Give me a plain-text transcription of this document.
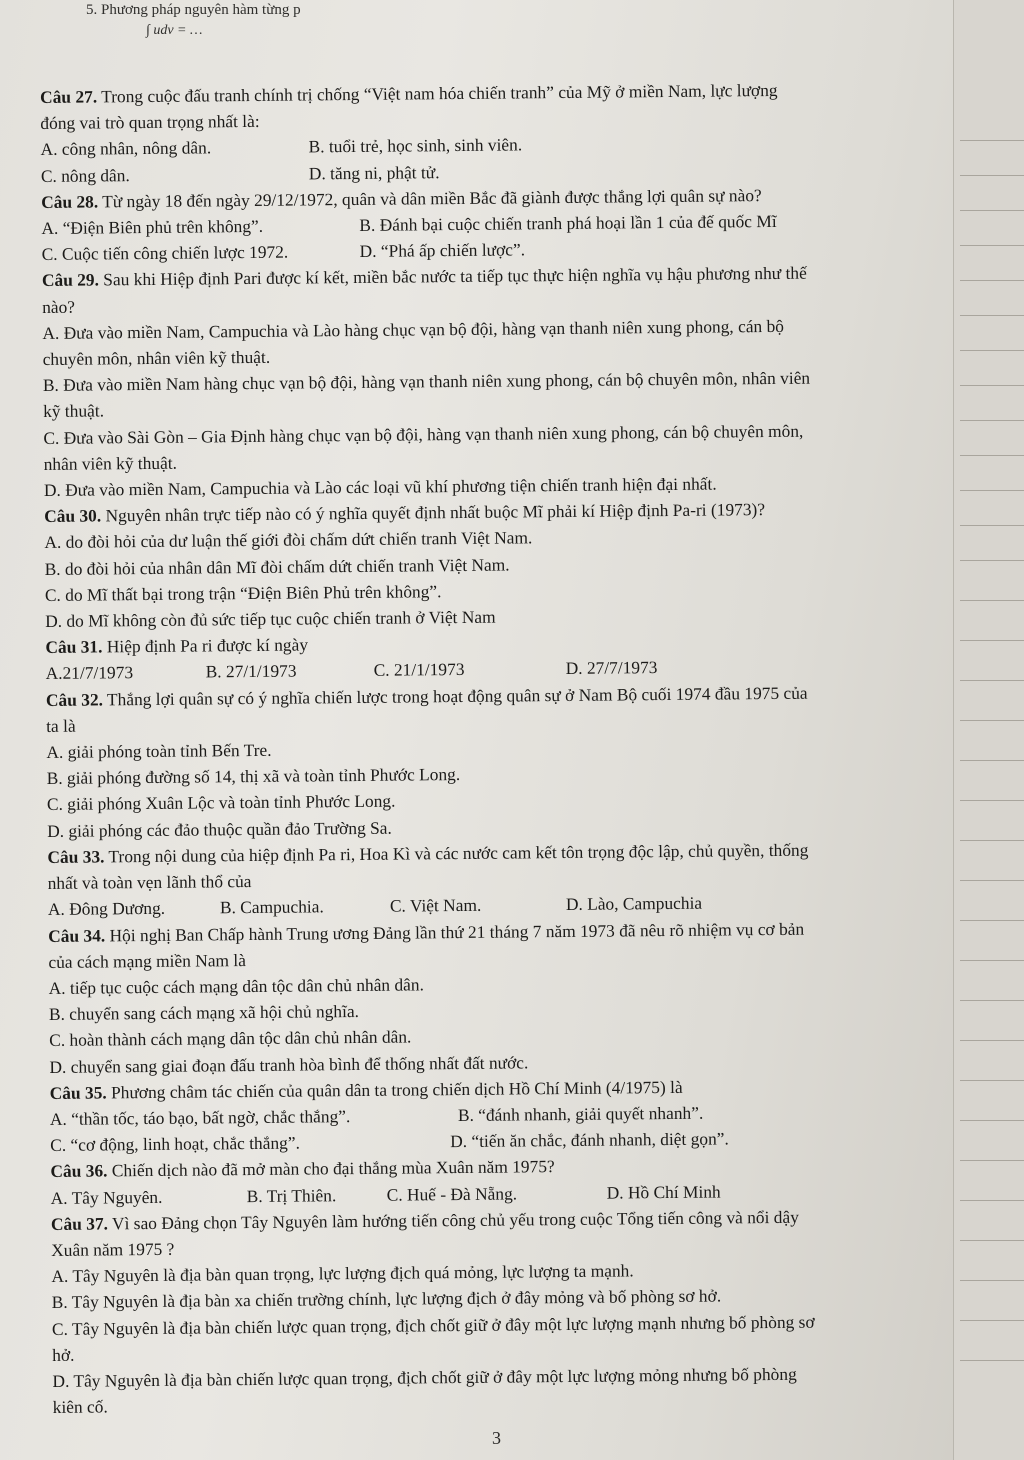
5. Phương pháp nguyên hàm từng p
∫ udv = …
Câu 27. Trong cuộc đấu tranh chính trị chống “Việt nam hóa chiến tranh” của Mỹ ở miền Nam, lực lượng
đóng vai trò quan trọng nhất là:
A. công nhân, nông dân.	B. tuổi trẻ, học sinh, sinh viên.
C. nông dân.	D. tăng ni, phật tử.
Câu 28. Từ ngày 18 đến ngày 29/12/1972, quân và dân miền Bắc đã giành được thắng lợi quân sự nào?
A. “Điện Biên phủ trên không”.	B. Đánh bại cuộc chiến tranh phá hoại lần 1 của đế quốc Mĩ
C. Cuộc tiến công chiến lược 1972.	D. “Phá ấp chiến lược”.
Câu 29. Sau khi Hiệp định Pari được kí kết, miền bắc nước ta tiếp tục thực hiện nghĩa vụ hậu phương như thế
nào?
A. Đưa vào miền Nam, Campuchia và Lào hàng chục vạn bộ đội, hàng vạn thanh niên xung phong, cán bộ
chuyên môn, nhân viên kỹ thuật.
B. Đưa vào miền Nam hàng chục vạn bộ đội, hàng vạn thanh niên xung phong, cán bộ chuyên môn, nhân viên
kỹ thuật.
C. Đưa vào Sài Gòn – Gia Định hàng chục vạn bộ đội, hàng vạn thanh niên xung phong, cán bộ chuyên môn,
nhân viên kỹ thuật.
D. Đưa vào miền Nam, Campuchia và Lào các loại vũ khí phương tiện chiến tranh hiện đại nhất.
Câu 30. Nguyên nhân trực tiếp nào có ý nghĩa quyết định nhất buộc Mĩ phải kí Hiệp định Pa-ri (1973)?
A. do đòi hỏi của dư luận thế giới đòi chấm dứt chiến tranh Việt Nam.
B. do đòi hỏi của nhân dân Mĩ đòi chấm dứt chiến tranh Việt Nam.
C. do Mĩ thất bại trong trận “Điện Biên Phủ trên không”.
D. do Mĩ không còn đủ sức tiếp tục cuộc chiến tranh ở Việt Nam
Câu 31. Hiệp định Pa ri được kí ngày
A.21/7/1973	B. 27/1/1973	C. 21/1/1973	D. 27/7/1973
Câu 32. Thắng lợi quân sự có ý nghĩa chiến lược trong hoạt động quân sự ở Nam Bộ cuối 1974 đầu 1975 của
ta là
A. giải phóng toàn tỉnh Bến Tre.
B. giải phóng đường số 14, thị xã và toàn tỉnh Phước Long.
C. giải phóng Xuân Lộc và toàn tỉnh Phước Long.
D. giải phóng các đảo thuộc quần đảo Trường Sa.
Câu 33. Trong nội dung của hiệp định Pa ri, Hoa Kì và các nước cam kết tôn trọng độc lập, chủ quyền, thống
nhất và toàn vẹn lãnh thổ của
A. Đông Dương.	B. Campuchia.	C. Việt Nam.	D. Lào, Campuchia
Câu 34. Hội nghị Ban Chấp hành Trung ương Đảng lần thứ 21 tháng 7 năm 1973 đã nêu rõ nhiệm vụ cơ bản
của cách mạng miền Nam là
A. tiếp tục cuộc cách mạng dân tộc dân chủ nhân dân.
B. chuyển sang cách mạng xã hội chủ nghĩa.
C. hoàn thành cách mạng dân tộc dân chủ nhân dân.
D. chuyển sang giai đoạn đấu tranh hòa bình để thống nhất đất nước.
Câu 35. Phương châm tác chiến của quân dân ta trong chiến dịch Hồ Chí Minh (4/1975) là
A. “thần tốc, táo bạo, bất ngờ, chắc thắng”.	B. “đánh nhanh, giải quyết nhanh”.
C. “cơ động, linh hoạt, chắc thắng”.	D. “tiến ăn chắc, đánh nhanh, diệt gọn”.
Câu 36. Chiến dịch nào đã mở màn cho đại thắng mùa Xuân năm 1975?
A. Tây Nguyên.	B. Trị Thiên.	C. Huế - Đà Nẵng.	D. Hồ Chí Minh
Câu 37. Vì sao Đảng chọn Tây Nguyên làm hướng tiến công chủ yếu trong cuộc Tổng tiến công và nổi dậy
Xuân năm 1975 ?
A. Tây Nguyên là địa bàn quan trọng, lực lượng địch quá mỏng, lực lượng ta mạnh.
B. Tây Nguyên là địa bàn xa chiến trường chính, lực lượng địch ở đây mỏng và bố phòng sơ hở.
C. Tây Nguyên là địa bàn chiến lược quan trọng, địch chốt giữ ở đây một lực lượng mạnh nhưng bố phòng sơ
hở.
D. Tây Nguyên là địa bàn chiến lược quan trọng, địch chốt giữ ở đây một lực lượng mỏng nhưng bố phòng
kiên cố.
3
